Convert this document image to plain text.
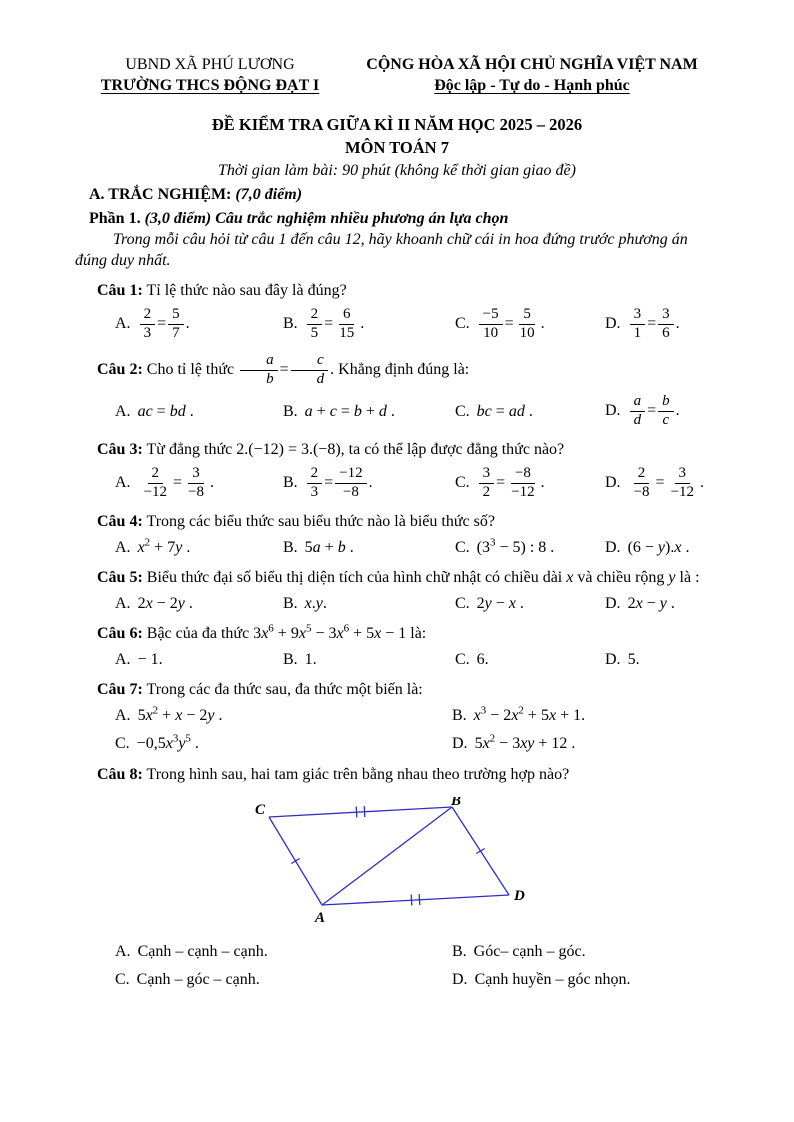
UBND XÃ PHÚ LƯƠNG

TRƯỜNG THCS ĐỘNG ĐẠT I

CỘNG HÒA XÃ HỘI CHỦ NGHĨA VIỆT NAM

Độc lập - Tự do - Hạnh phúc

ĐỀ KIỂM TRA GIỮA KÌ II NĂM HỌC 2025 – 2026

MÔN TOÁN 7

Thời gian làm bài: 90 phút (không kể thời gian giao đề)

A. TRẮC NGHIỆM: (7,0 điểm)

Phần 1. (3,0 điểm) Câu trắc nghiệm nhiều phương án lựa chọn

Trong mỗi câu hỏi từ câu 1 đến câu 12, hãy khoanh chữ cái in hoa đứng trước phương án đúng duy nhất.

Câu 1: Tỉ lệ thức nào sau đây là đúng?

A. $\frac{2}{3} = \frac{5}{7}$ .	B. $\frac{2}{5} = \frac{6}{15}$ .	C. $\frac{-5}{10} = \frac{5}{10}$ .	D. $\frac{3}{1} = \frac{3}{6}$ .

Câu 2: Cho tỉ lệ thức $\frac{a}{b} = \frac{c}{d}$ . Khẳng định đúng là:

A. ac = bd .	B. a + c = b + d .	C. bc = ad .	D. $\frac{a}{d} = \frac{b}{c}$ .

Câu 3: Từ đẳng thức 2.(−12) = 3.(−8), ta có thể lập được đẳng thức nào?

A. $\frac{2}{-12} = \frac{3}{-8}$ .	B. $\frac{2}{3} = \frac{-12}{-8}$ .	C. $\frac{3}{2} = \frac{-8}{-12}$ .	D. $\frac{2}{-8} = \frac{3}{-12}$ .

Câu 4: Trong các biểu thức sau biểu thức nào là biểu thức số?

A. $x^2 + 7y$ .	B. 5a + b .	C. $(3^3 - 5)$ : 8 .	D. (6 − y).x .

Câu 5: Biểu thức đại số biểu thị diện tích của hình chữ nhật có chiều dài x và chiều rộng y là :

A. 2x − 2y .	B. x.y.	C. 2y − x .	D. 2x − y .

Câu 6: Bậc của đa thức $3x^6 + 9x^5 - 3x^6 + 5x - 1$ là:

A. − 1.	B. 1.	C. 6.	D. 5.

Câu 7: Trong các đa thức sau, đa thức một biến là:

A. $5x^2 + x - 2y$ .	B. $x^3 - 2x^2 + 5x + 1$.
C. $-0,5x^3y^5$ .	D. $5x^2 - 3xy + 12$ .

Câu 8: Trong hình sau, hai tam giác trên bằng nhau theo trường hợp nào?

C
B
A
D
A. Cạnh – cạnh – cạnh.	B. Góc– cạnh – góc.
C. Cạnh – góc – cạnh.	D. Cạnh huyền – góc nhọn.
